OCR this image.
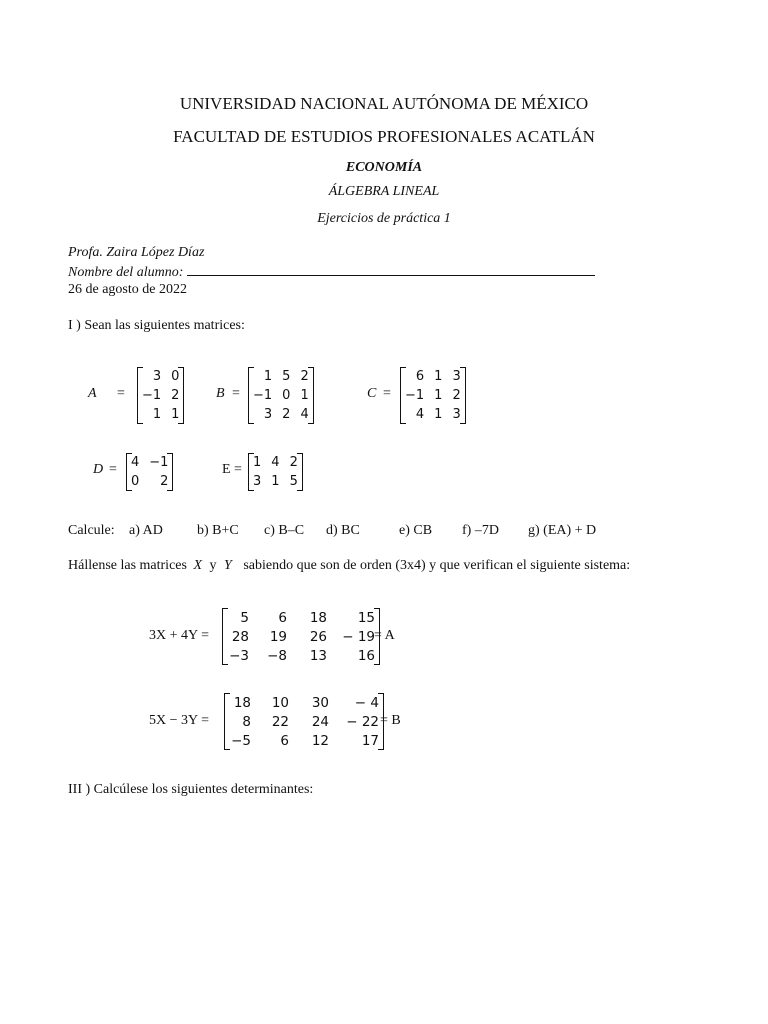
UNIVERSIDAD NACIONAL AUTÓNOMA DE MÉXICO
FACULTAD DE ESTUDIOS PROFESIONALES ACATLÁN
ECONOMÍA
ÁLGEBRA LINEAL
Ejercicios de práctica 1
Profa. Zaira López Díaz
Nombre del alumno:
26 de agosto de 2022
I ) Sean las siguientes matrices:
A =
3	0
−1	2
1	1
B =
1	5	2
−1	0	1
3	2	4
C =
6	1	3
−1	1	2
4	1	3
D = 4	−1
0	2
E = 1	4	2
3	1	5
Calcule: a) AD b) B+C c) B–C d) BC	e) CB f) –7D g) (EA) + D
Hállense las matrices X y Y sabiendo que son de orden (3x4) y que verifican el siguiente sistema:
3X + 4Y =
5	6	18	15
28	19	26	− 19
−3	−8	13	16
= A
5X − 3Y =
18	10	30	− 4
8	22	24	− 22
−5	6	12	17
= B
III ) Calcúlese los siguientes determinantes:
